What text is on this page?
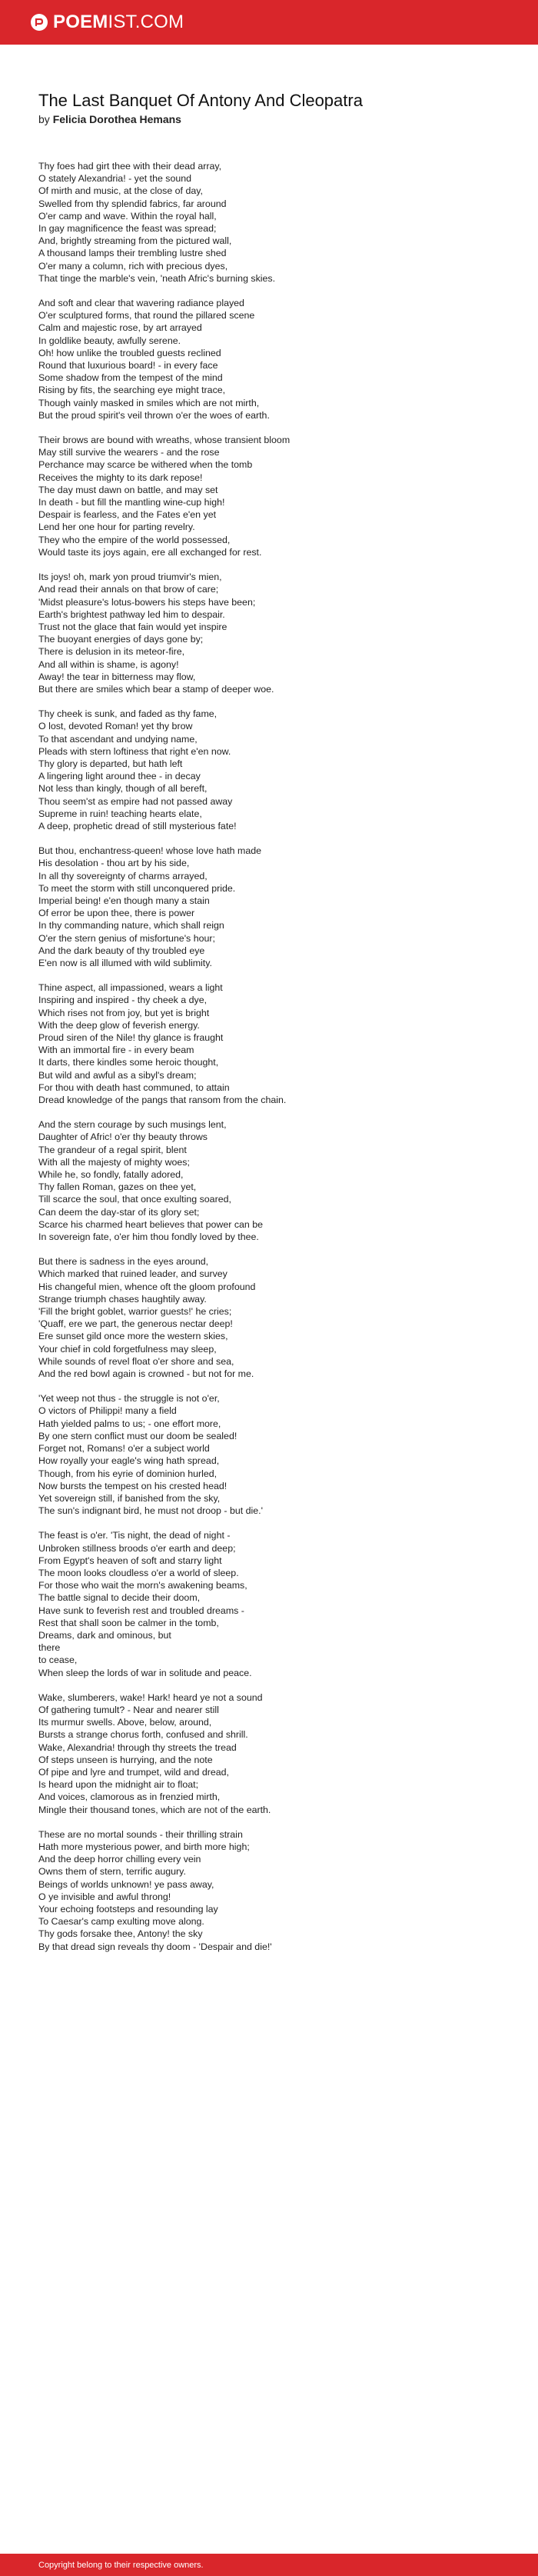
POEMIST.COM
The Last Banquet Of Antony And Cleopatra
by Felicia Dorothea Hemans
Thy foes had girt thee with their dead array,
O stately Alexandria! - yet the sound
Of mirth and music, at the close of day,
Swelled from thy splendid fabrics, far around
O'er camp and wave. Within the royal hall,
In gay magnificence the feast was spread;
And, brightly streaming from the pictured wall,
A thousand lamps their trembling lustre shed
O'er many a column, rich with precious dyes,
That tinge the marble's vein, 'neath Afric's burning skies.
And soft and clear that wavering radiance played
O'er sculptured forms, that round the pillared scene
Calm and majestic rose, by art arrayed
In goldlike beauty, awfully serene.
Oh! how unlike the troubled guests reclined
Round that luxurious board! - in every face
Some shadow from the tempest of the mind
Rising by fits, the searching eye might trace,
Though vainly masked in smiles which are not mirth,
But the proud spirit's veil thrown o'er the woes of earth.
Their brows are bound with wreaths, whose transient bloom
May still survive the wearers - and the rose
Perchance may scarce be withered when the tomb
Receives the mighty to its dark repose!
The day must dawn on battle, and may set
In death - but fill the mantling wine-cup high!
Despair is fearless, and the Fates e'en yet
Lend her one hour for parting revelry.
They who the empire of the world possessed,
Would taste its joys again, ere all exchanged for rest.
Its joys! oh, mark yon proud triumvir's mien,
And read their annals on that brow of care;
'Midst pleasure's lotus-bowers his steps have been;
Earth's brightest pathway led him to despair.
Trust not the glace that fain would yet inspire
The buoyant energies of days gone by;
There is delusion in its meteor-fire,
And all within is shame, is agony!
Away! the tear in bitterness may flow,
But there are smiles which bear a stamp of deeper woe.
Thy cheek is sunk, and faded as thy fame,
O lost, devoted Roman! yet thy brow
To that ascendant and undying name,
Pleads with stern loftiness that right e'en now.
Thy glory is departed, but hath left
A lingering light around thee - in decay
Not less than kingly, though of all bereft,
Thou seem'st as empire had not passed away
Supreme in ruin! teaching hearts elate,
A deep, prophetic dread of still mysterious fate!
But thou, enchantress-queen! whose love hath made
His desolation - thou art by his side,
In all thy sovereignty of charms arrayed,
To meet the storm with still unconquered pride.
Imperial being! e'en though many a stain
Of error be upon thee, there is power
In thy commanding nature, which shall reign
O'er the stern genius of misfortune's hour;
And the dark beauty of thy troubled eye
E'en now is all illumed with wild sublimity.
Thine aspect, all impassioned, wears a light
Inspiring and inspired - thy cheek a dye,
Which rises not from joy, but yet is bright
With the deep glow of feverish energy.
Proud siren of the Nile! thy glance is fraught
With an immortal fire - in every beam
It darts, there kindles some heroic thought,
But wild and awful as a sibyl's dream;
For thou with death hast communed, to attain
Dread knowledge of the pangs that ransom from the chain.
And the stern courage by such musings lent,
Daughter of Afric! o'er thy beauty throws
The grandeur of a regal spirit, blent
With all the majesty of mighty woes;
While he, so fondly, fatally adored,
Thy fallen Roman, gazes on thee yet,
Till scarce the soul, that once exulting soared,
Can deem the day-star of its glory set;
Scarce his charmed heart believes that power can be
In sovereign fate, o'er him thou fondly loved by thee.
But there is sadness in the eyes around,
Which marked that ruined leader, and survey
His changeful mien, whence oft the gloom profound
Strange triumph chases haughtily away.
'Fill the bright goblet, warrior guests!' he cries;
'Quaff, ere we part, the generous nectar deep!
Ere sunset gild once more the western skies,
Your chief in cold forgetfulness may sleep,
While sounds of revel float o'er shore and sea,
And the red bowl again is crowned - but not for me.
'Yet weep not thus - the struggle is not o'er,
O victors of Philippi! many a field
Hath yielded palms to us; - one effort more,
By one stern conflict must our doom be sealed!
Forget not, Romans! o'er a subject world
How royally your eagle's wing hath spread,
Though, from his eyrie of dominion hurled,
Now bursts the tempest on his crested head!
Yet sovereign still, if banished from the sky,
The sun's indignant bird, he must not droop - but die.'
The feast is o'er. 'Tis night, the dead of night -
Unbroken stillness broods o'er earth and deep;
From Egypt's heaven of soft and starry light
The moon looks cloudless o'er a world of sleep.
For those who wait the morn's awakening beams,
The battle signal to decide their doom,
Have sunk to feverish rest and troubled dreams -
Rest that shall soon be calmer in the tomb,
Dreams, dark and ominous, but
there
to cease,
When sleep the lords of war in solitude and peace.
Wake, slumberers, wake! Hark! heard ye not a sound
Of gathering tumult? - Near and nearer still
Its murmur swells. Above, below, around,
Bursts a strange chorus forth, confused and shrill.
Wake, Alexandria! through thy streets the tread
Of steps unseen is hurrying, and the note
Of pipe and lyre and trumpet, wild and dread,
Is heard upon the midnight air to float;
And voices, clamorous as in frenzied mirth,
Mingle their thousand tones, which are not of the earth.
These are no mortal sounds - their thrilling strain
Hath more mysterious power, and birth more high;
And the deep horror chilling every vein
Owns them of stern, terrific augury.
Beings of worlds unknown! ye pass away,
O ye invisible and awful throng!
Your echoing footsteps and resounding lay
To Caesar's camp exulting move along.
Thy gods forsake thee, Antony! the sky
By that dread sign reveals thy doom - 'Despair and die!'
Copyright belong to their respective owners.
